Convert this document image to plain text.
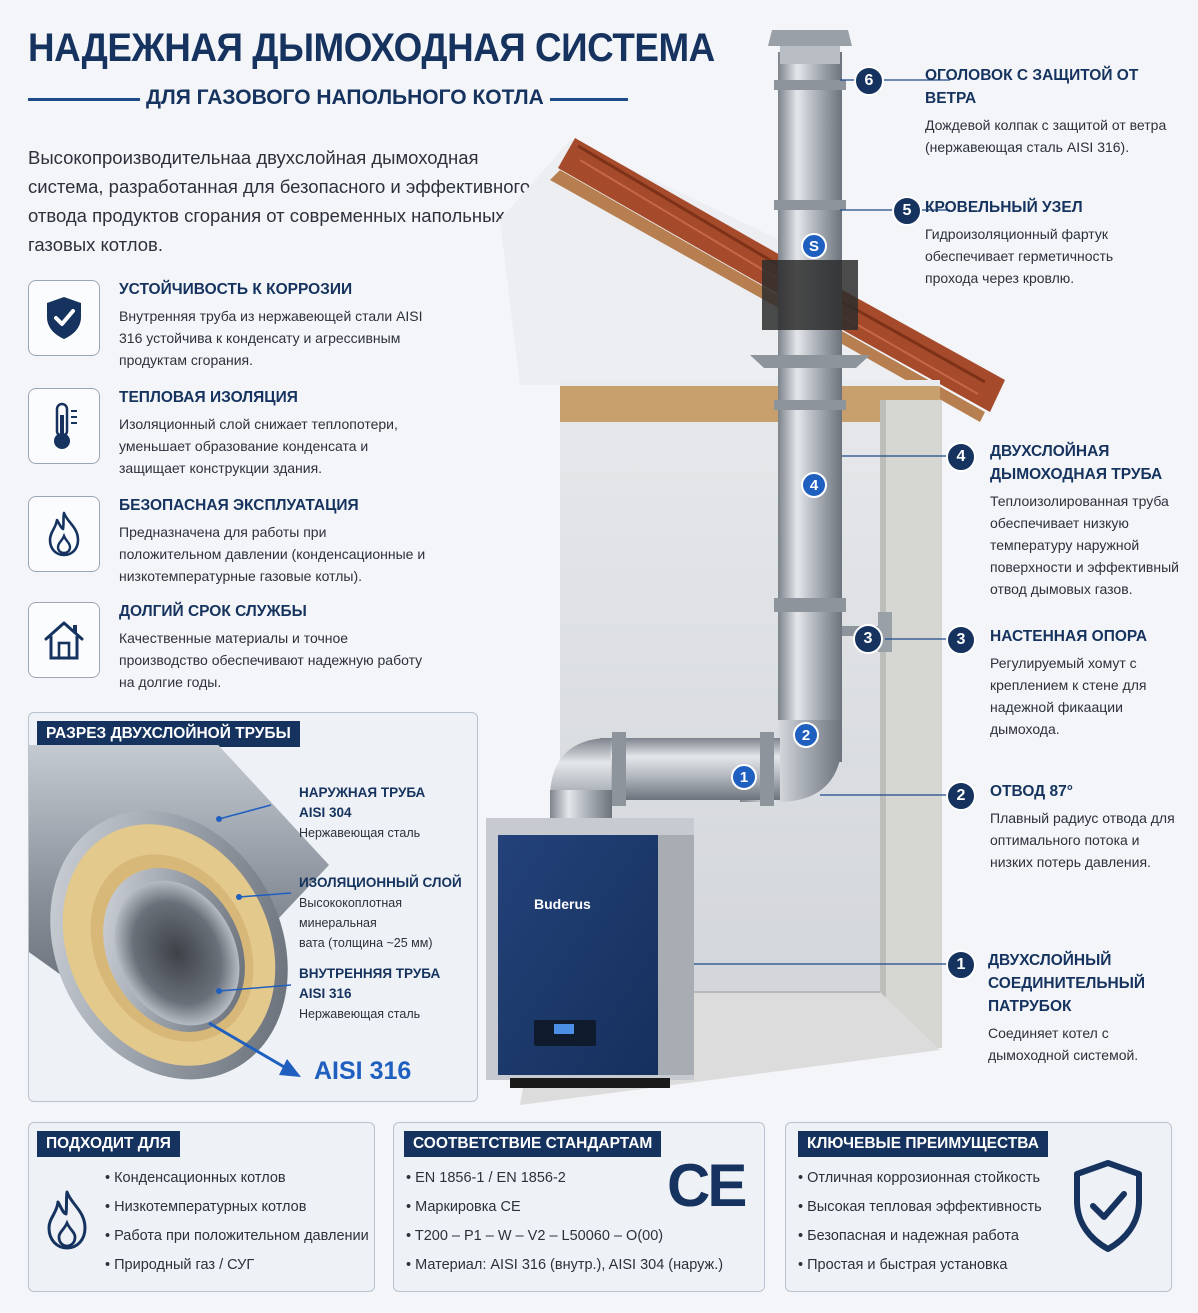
НАДЕЖНАЯ ДЫМОХОДНАЯ СИСТЕМА
ДЛЯ ГАЗОВОГО НАПОЛЬНОГО КОТЛА
Высокопроизводительнаа двухслойная дымоходная система, разработанная для безопасного и эффективного отвода продуктов сгорания от современных напольных газовых котлов.
УСТОЙЧИВОСТЬ К КОРРОЗИИ
Внутренняя труба из нержавеющей стали AISI 316 устойчива к конденсату и агрессивным продуктам сгорания.
ТЕПЛОВАЯ ИЗОЛЯЦИЯ
Изоляционный слой снижает теплопотери, уменьшает образование конденсата и защищает конструкции здания.
БЕЗОПАСНАЯ ЭКСПЛУАТАЦИЯ
Предназначена для работы при положительном давлении (конденсационные и низкотемпературные газовые котлы).
ДОЛГИЙ СРОК СЛУЖБЫ
Качественные материалы и точное производство обеспечивают надежную работу на долгие годы.
РАЗРЕЗ ДВУХСЛОЙНОЙ ТРУБЫ
НАРУЖНАЯ ТРУБА
AISI 304
Нержавеющая сталь
ИЗОЛЯЦИОННЫЙ СЛОЙ
Высококоплотная минеральная
вата (толщина ~25 мм)
ВНУТРЕННЯЯ ТРУБА
AISI 316
Нержавеющая сталь
AISI 316
Buderus
1
2
3
4
S
6
5
4
3
2
1
ОГОЛОВОК С ЗАЩИТОЙ ОТ ВЕТРА
Дождевой колпак с защитой от ветра (нержавеющая сталь AISI 316).
КРОВЕЛЬНЫЙ УЗЕЛ
Гидроизоляционный фартук обеспечивает герметичность прохода через кровлю.
ДВУХСЛОЙНАЯ ДЫМОХОДНАЯ ТРУБА
Теплоизолированная труба обеспечивает низкую температуру наружной поверхности и эффективный отвод дымовых газов.
НАСТЕННАЯ ОПОРА
Регулируемый хомут с креплением к стене для надежной фикаaции дымохода.
ОТВОД 87°
Плавный радиус отвода для оптимального потока и низких потерь давления.
ДВУХСЛОЙНЫЙ СОЕДИНИТЕЛЬНЫЙ ПАТРУБОК
Соединяет котел с дымоходной системой.
ПОДХОДИТ ДЛЯ
• Конденсационных котлов
• Низкотемпературных котлов
• Работа при положительном давлении
• Природный газ / СУГ
СООТВЕТСТВИЕ СТАНДАРТАМ
CE
• EN 1856-1 / EN 1856-2
• Маркировка CE
• T200 – P1 – W – V2 – L50060 – O(00)
• Материал: AISI 316 (внутр.), AISI 304 (наруж.)
КЛЮЧЕВЫЕ ПРЕИМУЩЕСТВА
• Отличная коррозионная стойкость
• Высокая тепловая эффективность
• Безопасная и надежная работа
• Простая и быстрая установка
